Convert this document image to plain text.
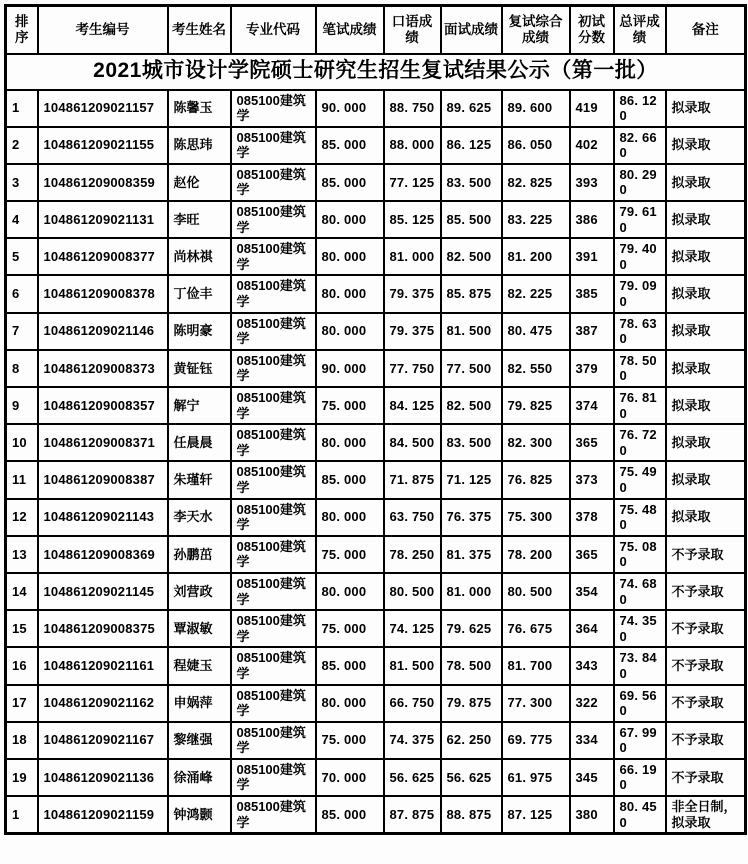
2021城市设计学院硕士研究生招生复试结果公示（第一批）										
排序	考生编号	考生姓名	专业代码	笔试成绩	口语成绩	面试成绩	复试综合成绩	初试分数	总评成绩	备注
1	104861209021157	陈馨玉	085100建筑学	90. 000	88. 750	89. 625	89. 600	419	86. 120	拟录取
2	104861209021155	陈思玮	085100建筑学	85. 000	88. 000	86. 125	86. 050	402	82. 660	拟录取
3	104861209008359	赵伦	085100建筑学	85. 000	77. 125	83. 500	82. 825	393	80. 290	拟录取
4	104861209021131	李旺	085100建筑学	80. 000	85. 125	85. 500	83. 225	386	79. 610	拟录取
5	104861209008377	尚林祺	085100建筑学	80. 000	81. 000	82. 500	81. 200	391	79. 400	拟录取
6	104861209008378	丁俭丰	085100建筑学	80. 000	79. 375	85. 875	82. 225	385	79. 090	拟录取
7	104861209021146	陈明豪	085100建筑学	80. 000	79. 375	81. 500	80. 475	387	78. 630	拟录取
8	104861209008373	黄钲钰	085100建筑学	90. 000	77. 750	77. 500	82. 550	379	78. 500	拟录取
9	104861209008357	解宁	085100建筑学	75. 000	84. 125	82. 500	79. 825	374	76. 810	拟录取
10	104861209008371	任晨晨	085100建筑学	80. 000	84. 500	83. 500	82. 300	365	76. 720	拟录取
11	104861209008387	朱瑾轩	085100建筑学	85. 000	71. 875	71. 125	76. 825	373	75. 490	拟录取
12	104861209021143	李天水	085100建筑学	80. 000	63. 750	76. 375	75. 300	378	75. 480	拟录取
13	104861209008369	孙鹏茁	085100建筑学	75. 000	78. 250	81. 375	78. 200	365	75. 080	不予录取
14	104861209021145	刘营政	085100建筑学	80. 000	80. 500	81. 000	80. 500	354	74. 680	不予录取
15	104861209008375	覃淑敏	085100建筑学	75. 000	74. 125	79. 625	76. 675	364	74. 350	不予录取
16	104861209021161	程婕玉	085100建筑学	85. 000	81. 500	78. 500	81. 700	343	73. 840	不予录取
17	104861209021162	申娲萍	085100建筑学	80. 000	66. 750	79. 875	77. 300	322	69. 560	不予录取
18	104861209021167	黎继强	085100建筑学	75. 000	74. 375	62. 250	69. 775	334	67. 990	不予录取
19	104861209021136	徐涌峰	085100建筑学	70. 000	56. 625	56. 625	61. 975	345	66. 190	不予录取
1	104861209021159	钟鸿颢	085100建筑学	85. 000	87. 875	88. 875	87. 125	380	80. 450	非全日制，拟录取
